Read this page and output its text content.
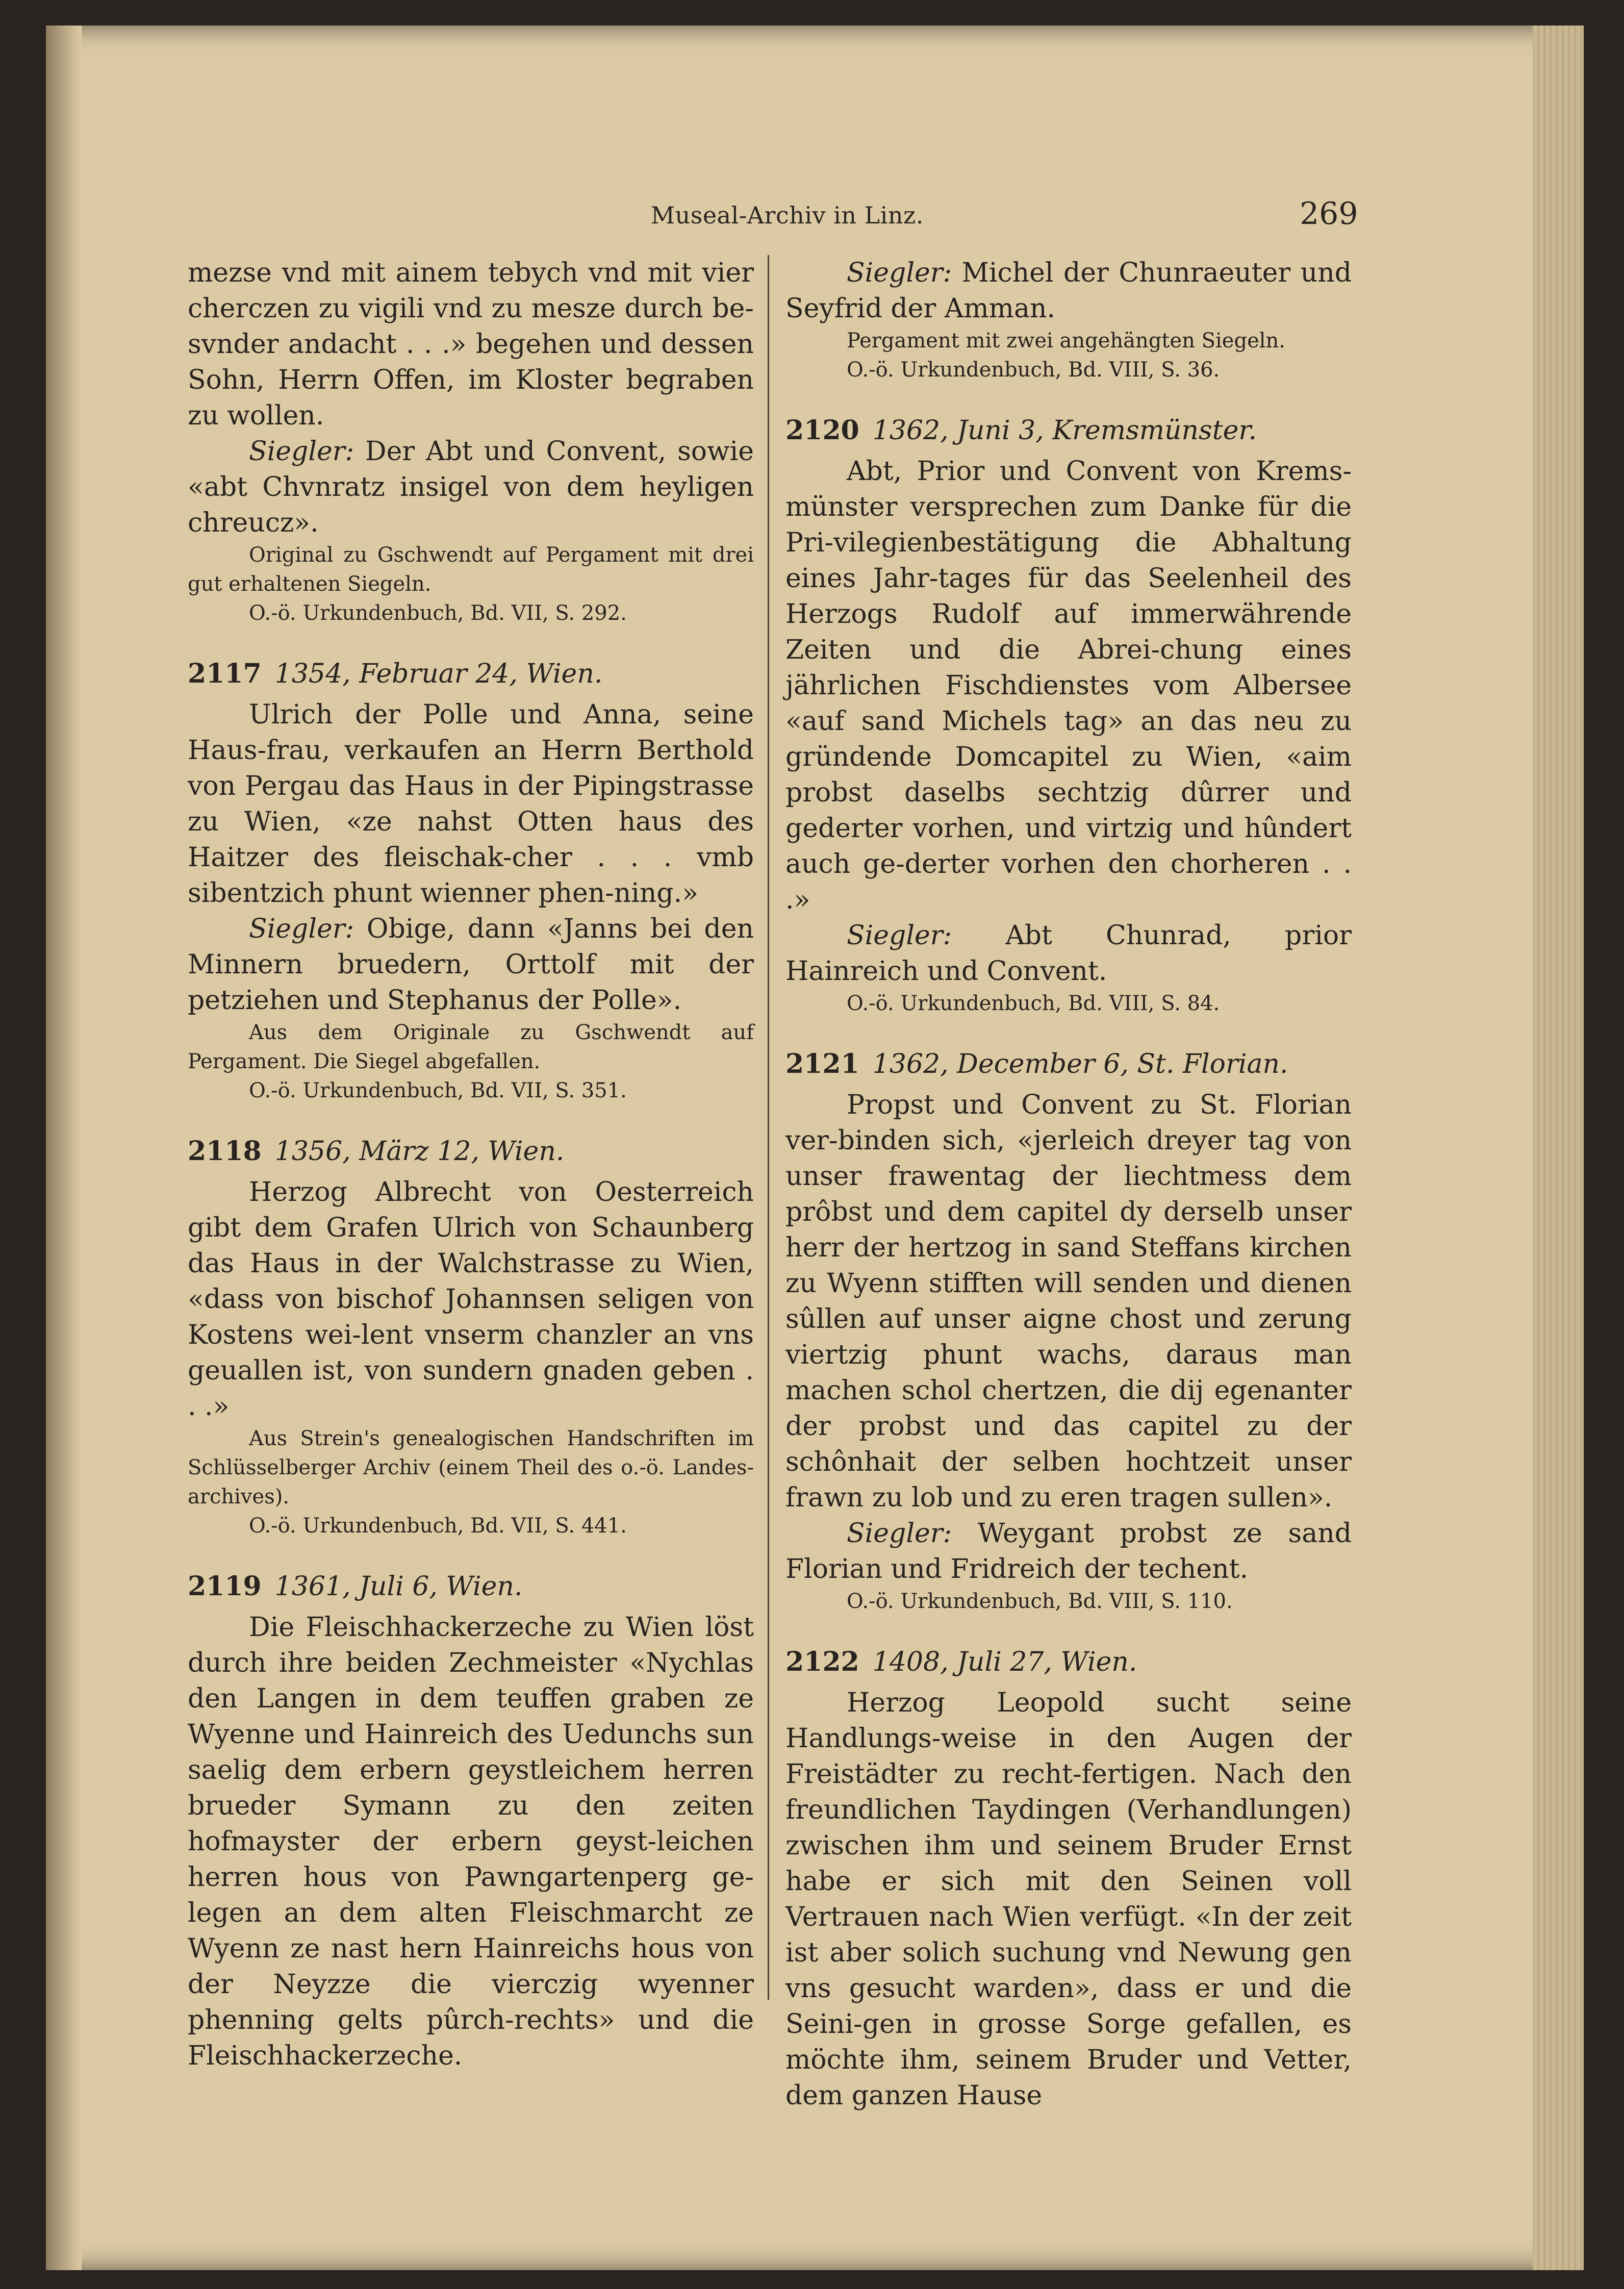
Museal-Archiv in Linz.	269

mezse vnd mit ainem tebych vnd mit vier cherczen zu vigili vnd zu mesze durch be-svnder andacht . . .» begehen und dessen Sohn, Herrn Offen, im Kloster begraben zu wollen.

Siegler: Der Abt und Convent, sowie «abt Chvnratz insigel von dem heyligen chreucz».

Original zu Gschwendt auf Pergament mit drei gut erhaltenen Siegeln.

O.-ö. Urkundenbuch, Bd. VII, S. 292.

2117 1354, Februar 24, Wien.

Ulrich der Polle und Anna, seine Haus-frau, verkaufen an Herrn Berthold von Pergau das Haus in der Pipingstrasse zu Wien, «ze nahst Otten haus des Haitzer des fleischak-cher . . . vmb sibentzich phunt wienner phen-ning.»

Siegler: Obige, dann «Janns bei den Minnern bruedern, Orttolf mit der petziehen und Stephanus der Polle».

Aus dem Originale zu Gschwendt auf Pergament. Die Siegel abgefallen.

O.-ö. Urkundenbuch, Bd. VII, S. 351.

2118 1356, März 12, Wien.

Herzog Albrecht von Oesterreich gibt dem Grafen Ulrich von Schaunberg das Haus in der Walchstrasse zu Wien, «dass von bischof Johannsen seligen von Kostens wei-lent vnserm chanzler an vns geuallen ist, von sundern gnaden geben . . .»

Aus Strein's genealogischen Handschriften im Schlüsselberger Archiv (einem Theil des o.-ö. Landes-archives).

O.-ö. Urkundenbuch, Bd. VII, S. 441.

2119 1361, Juli 6, Wien.

Die Fleischhackerzeche zu Wien löst durch ihre beiden Zechmeister «Nychlas den Langen in dem teuffen graben ze Wyenne und Hainreich des Uedunchs sun saelig dem erbern geystleichem herren brueder Symann zu den zeiten hofmayster der erbern geyst-leichen herren hous von Pawngartenperg ge-legen an dem alten Fleischmarcht ze Wyenn ze nast hern Hainreichs hous von der Neyzze die vierczig wyenner phenning gelts pûrch-rechts» und die Fleischhackerzeche.

Siegler: Michel der Chunraeuter und Seyfrid der Amman.

Pergament mit zwei angehängten Siegeln.

O.-ö. Urkundenbuch, Bd. VIII, S. 36.

2120 1362, Juni 3, Kremsmünster.

Abt, Prior und Convent von Krems-münster versprechen zum Danke für die Pri-vilegienbestätigung die Abhaltung eines Jahr-tages für das Seelenheil des Herzogs Rudolf auf immerwährende Zeiten und die Abrei-chung eines jährlichen Fischdienstes vom Albersee «auf sand Michels tag» an das neu zu gründende Domcapitel zu Wien, «aim probst daselbs sechtzig dûrrer und gederter vorhen, und virtzig und hûndert auch ge-derter vorhen den chorheren . . .»

Siegler: Abt Chunrad, prior Hainreich und Convent.

O.-ö. Urkundenbuch, Bd. VIII, S. 84.

2121 1362, December 6, St. Florian.

Propst und Convent zu St. Florian ver-binden sich, «jerleich dreyer tag von unser frawentag der liechtmess dem prôbst und dem capitel dy derselb unser herr der hertzog in sand Steffans kirchen zu Wyenn stifften will senden und dienen sûllen auf unser aigne chost und zerung viertzig phunt wachs, daraus man machen schol chertzen, die dij egenanter der probst und das capitel zu der schônhait der selben hochtzeit unser frawn zu lob und zu eren tragen sullen».

Siegler: Weygant probst ze sand Florian und Fridreich der techent.

O.-ö. Urkundenbuch, Bd. VIII, S. 110.

2122 1408, Juli 27, Wien.

Herzog Leopold sucht seine Handlungs-weise in den Augen der Freistädter zu recht-fertigen. Nach den freundlichen Taydingen (Verhandlungen) zwischen ihm und seinem Bruder Ernst habe er sich mit den Seinen voll Vertrauen nach Wien verfügt. «In der zeit ist aber solich suchung vnd Newung gen vns gesucht warden», dass er und die Seini-gen in grosse Sorge gefallen, es möchte ihm, seinem Bruder und Vetter, dem ganzen Hause
